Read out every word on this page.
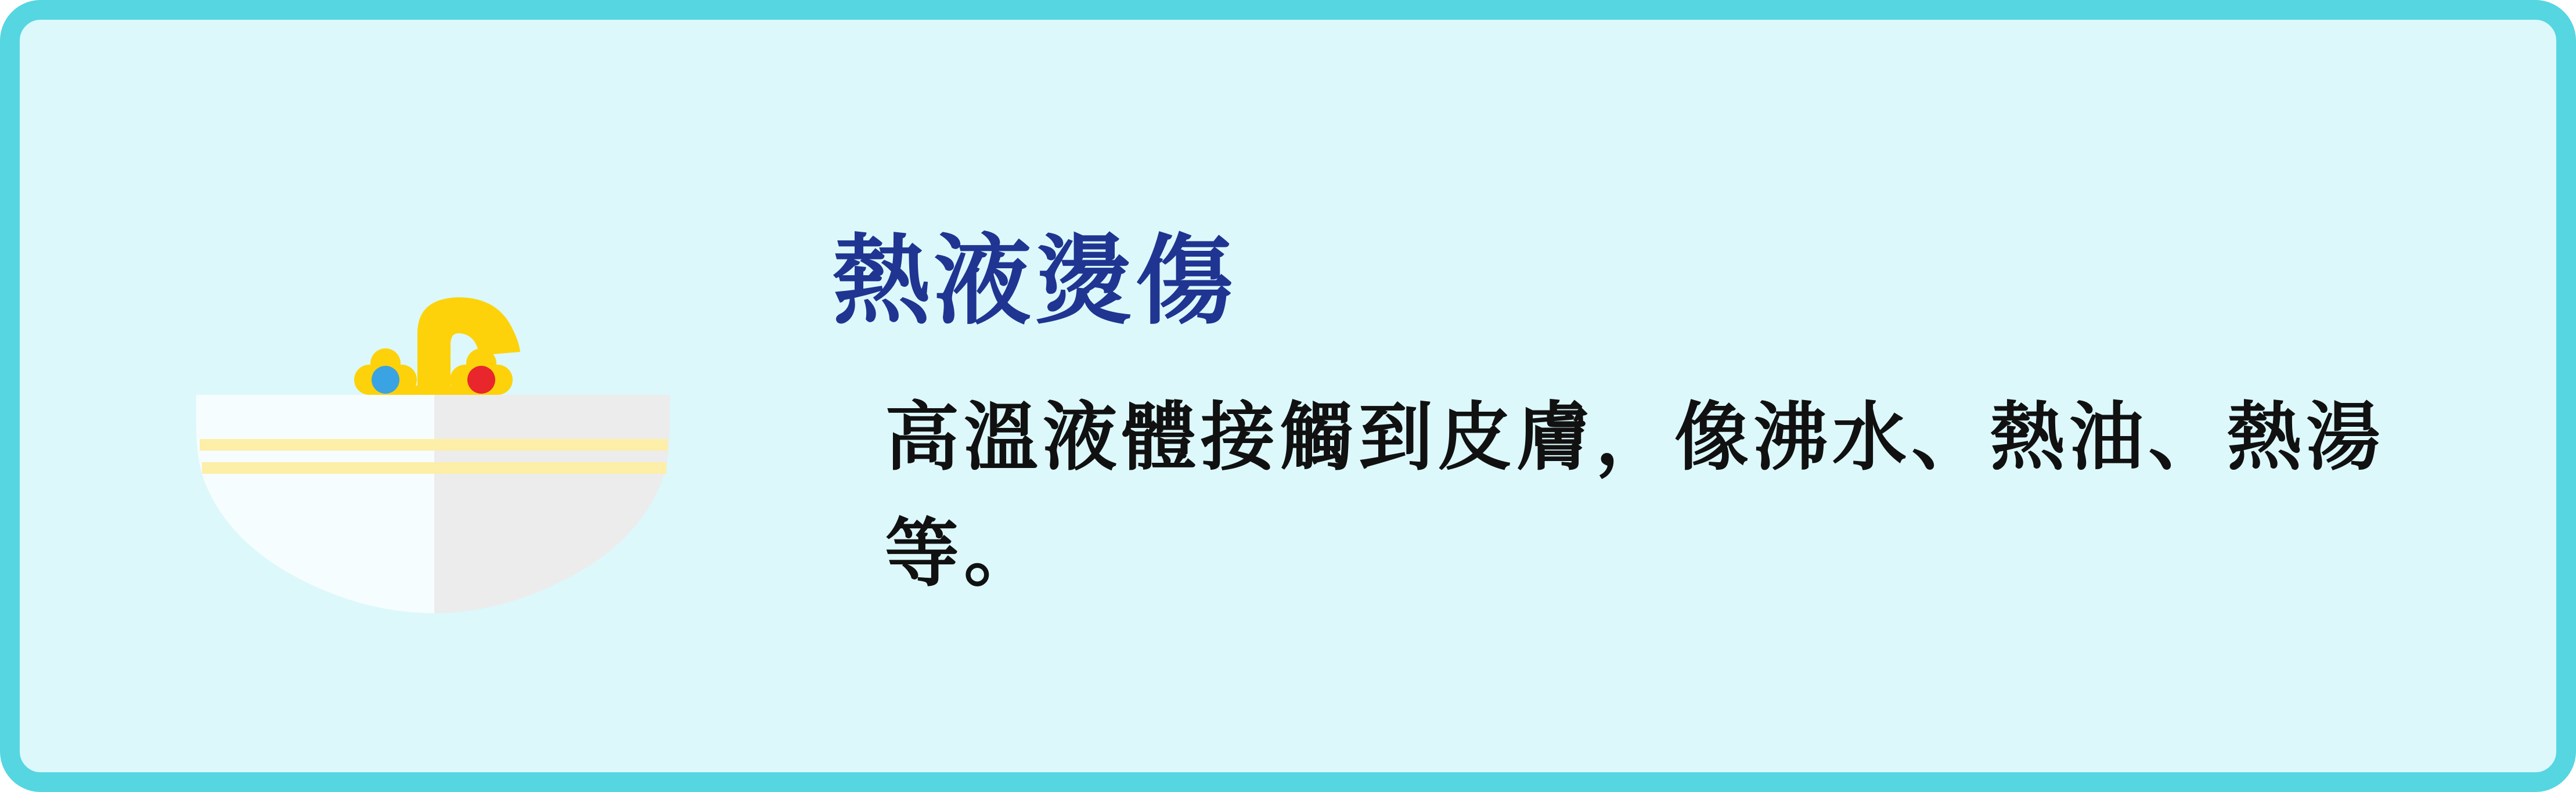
熱液燙傷

高溫液體接觸到皮膚，像沸水、熱油、熱湯等。
